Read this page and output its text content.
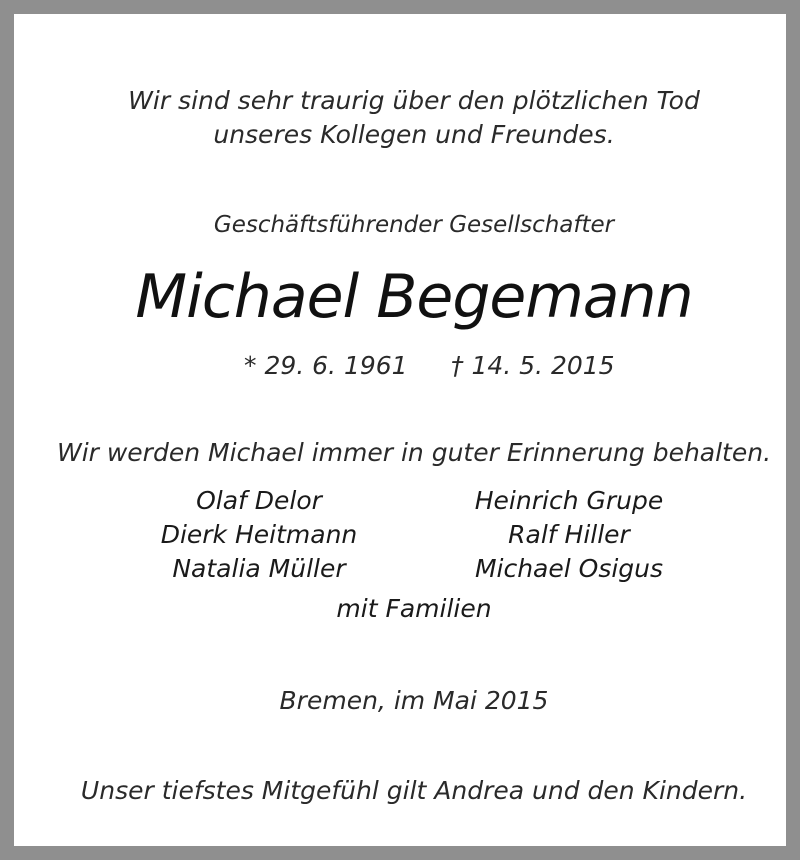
Wir sind sehr traurig über den plötzlichen Tod
unseres Kollegen und Freundes.
Geschäftsführender Gesellschafter
Michael Begemann
* 29. 6. 1961 † 14. 5. 2015
Wir werden Michael immer in guter Erinnerung behalten.
Olaf Delor
Dierk Heitmann
Natalia Müller
Heinrich Grupe
Ralf Hiller
Michael Osigus
mit Familien
Bremen, im Mai 2015
Unser tiefstes Mitgefühl gilt Andrea und den Kindern.
